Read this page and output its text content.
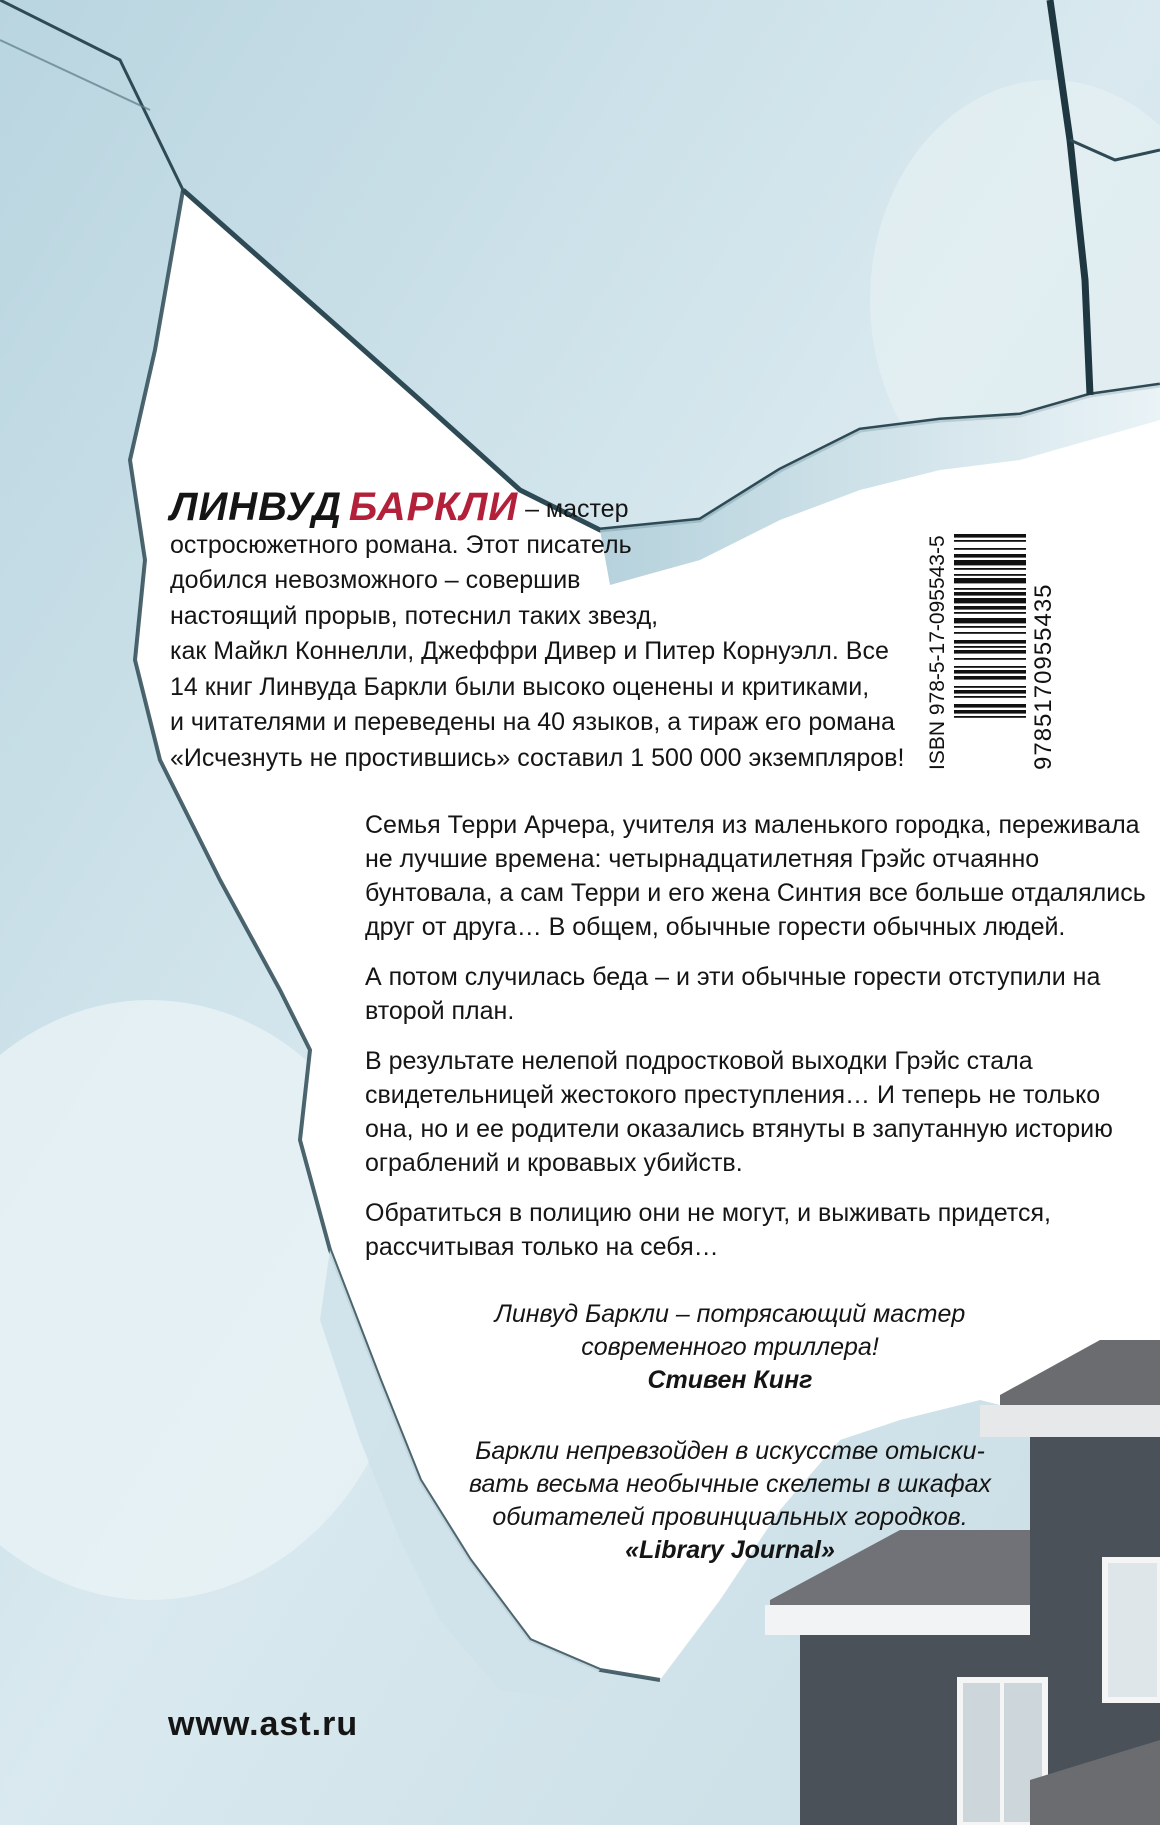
ЛИНВУД БАРКЛИ – мастер
остросюжетного романа. Этот писатель
добился невозможного – совершив
настоящий прорыв, потеснил таких звезд,
как Майкл Коннелли, Джеффри Дивер и Питер Корнуэлл. Все
14 книг Линвуда Баркли были высоко оценены и критиками,
и читателями и переведены на 40 языков, а тираж его романа
«Исчезнуть не простившись» составил 1 500 000 экземпляров!

Семья Терри Арчера, учителя из маленького городка, переживала
не лучшие времена: четырнадцатилетняя Грэйс отчаянно
бунтовала, а сам Терри и его жена Синтия все больше отдалялись
друг от друга… В общем, обычные горести обычных людей.

А потом случилась беда – и эти обычные горести отступили на
второй план.

В результате нелепой подростковой выходки Грэйс стала
свидетельницей жестокого преступления… И теперь не только
она, но и ее родители оказались втянуты в запутанную историю
ограблений и кровавых убийств.

Обратиться в полицию они не могут, и выживать придется,
рассчитывая только на себя…

Линвуд Баркли – потрясающий мастер
современного триллера!
Стивен Кинг
Баркли непревзойден в искусстве отыски-
вать весьма необычные скелеты в шкафах
обитателей провинциальных городков.
«Library Journal»
ISBN 978-5-17-095543-5	9785170955435
www.ast.ru
